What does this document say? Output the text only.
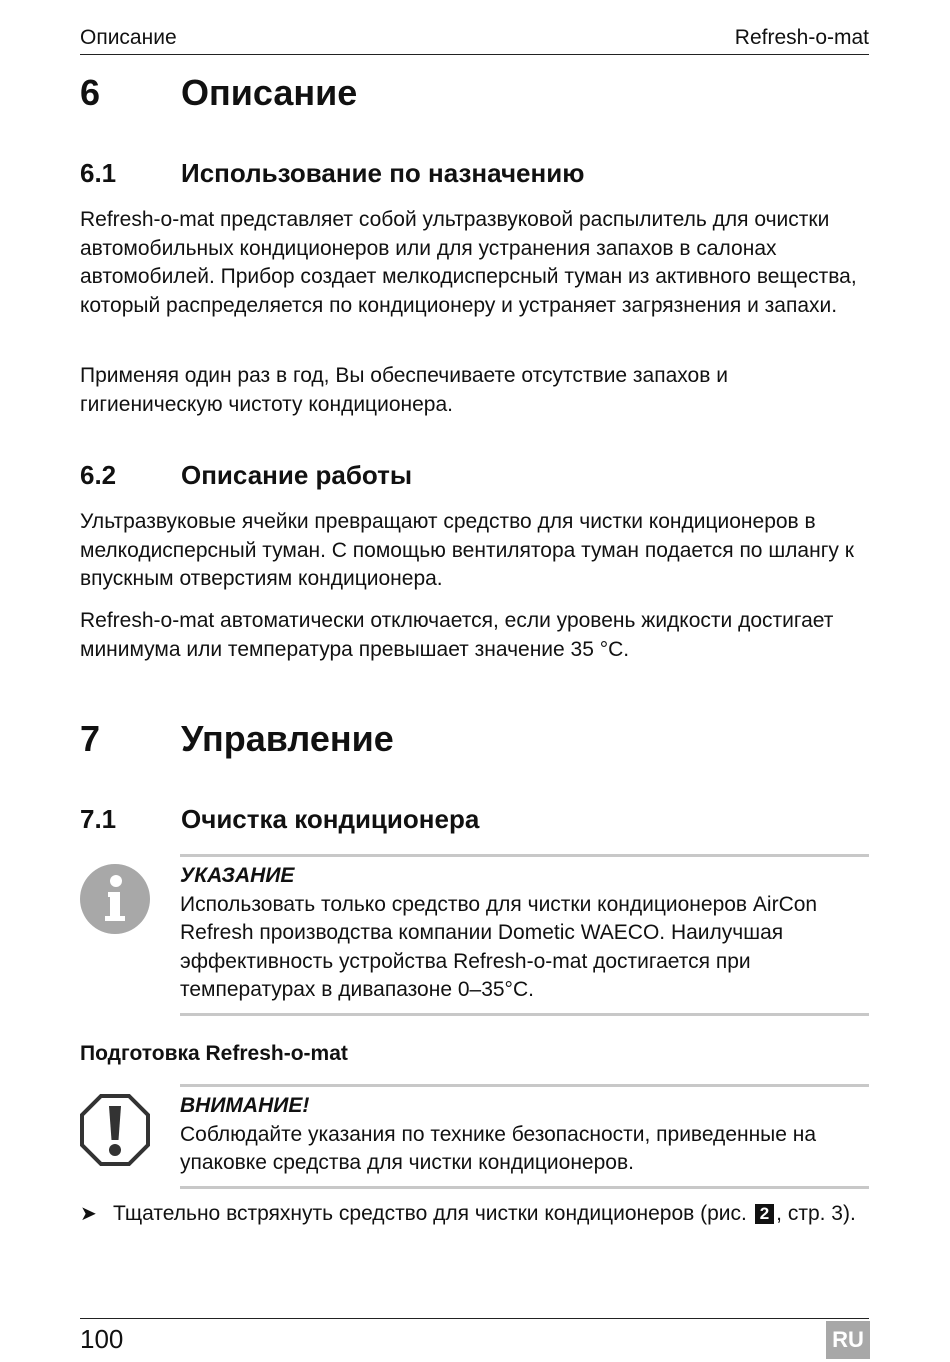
Описание	Refresh-o-mat
6 Описание
6.1 Использование по назначению
Refresh-o-mat представляет собой ультразвуковой распылитель для очистки автомобильных кондиционеров или для устранения запахов в салонах автомобилей. Прибор создает мелкодисперсный туман из активного вещества, который распределяется по кондиционеру и устраняет загрязнения и запахи.
Применяя один раз в год, Вы обеспечиваете отсутствие запахов и гигиеническую чистоту кондиционера.
6.2 Описание работы
Ультразвуковые ячейки превращают средство для чистки кондиционеров в мелкодисперсный туман. С помощью вентилятора туман подается по шлангу к впускным отверстиям кондиционера.
Refresh-o-mat автоматически отключается, если уровень жидкости достигает минимума или температура превышает значение 35 °C.
7 Управление
7.1 Очистка кондиционера
УКАЗАНИЕ
Использовать только средство для чистки кондиционеров AirCon Refresh производства компании Dometic WAECO. Наилучшая эффективность устройства Refresh-o-mat достигается при температурах в дивапазоне 0–35°C.
Подготовка Refresh-o-mat
ВНИМАНИЕ!
Соблюдайте указания по технике безопасности, приведенные на упаковке средства для чистки кондиционеров.
➤ Тщательно встряхнуть средство для чистки кондиционеров (рис. 2 , стр. 3).
100	RU
